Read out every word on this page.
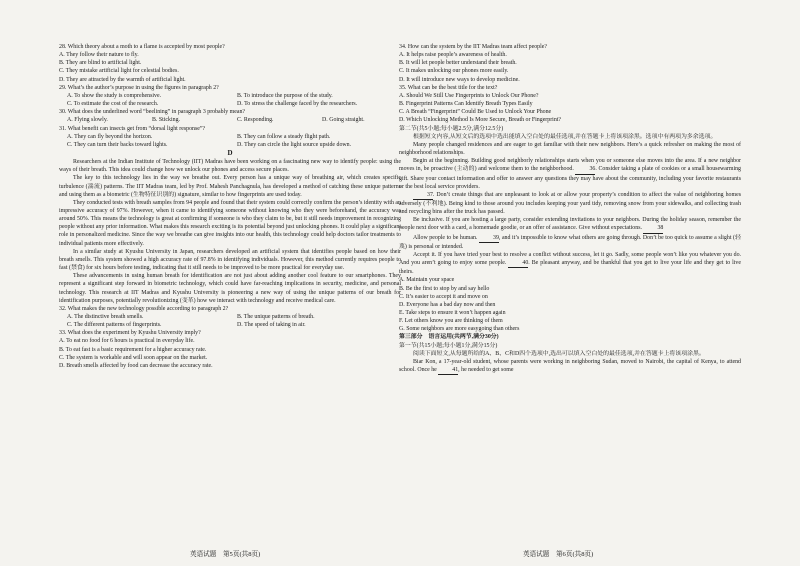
28. Which theory about a moth to a flame is accepted by most people?

A. They follow their nature to fly.

B. They are blind to artificial light.

C. They mistake artificial light for celestial bodies.

D. They are attracted by the warmth of artificial light.

29. What’s the author’s purpose in using the figures in paragraph 2?

A. To show the study is comprehensive.	B. To introduce the purpose of the study.
C. To estimate the cost of the research.	D. To stress the challenge faced by the researchers.

30. What does the underlined word “beelining” in paragraph 3 probably mean?

A. Flying slowly.	B. Sticking.	C. Responding.	D. Going straight.

31. What benefit can insects get from “dorsal light response”?

A. They can fly beyond the horizon.	B. They can follow a steady flight path.
C. They can turn their backs toward lights.	D. They can circle the light source upside down.

D

Researchers at the Indian Institute of Technology (IIT) Madras have been working on a fascinating new way to identify people: using the ways of their breath. This idea could change how we unlock our phones and access secure places.

The key to this technology lies in the way we breathe out. Every person has a unique way of breathing air, which creates specific turbulence (湍流) patterns. The IIT Madras team, led by Prof. Mahesh Panchagnula, has developed a method of catching these unique patterns and using them as a biometric (生物特征识别的) signature, similar to how fingerprints are used today.

They conducted tests with breath samples from 94 people and found that their system could correctly confirm the person’s identity with an impressive accuracy of 97%. However, when it came to identifying someone without knowing who they were beforehand, the accuracy was around 50%. This means the technology is great at confirming if someone is who they claim to be, but it still needs improvement in recognizing people without any prior information. What makes this research exciting is its potential beyond just unlocking phones. It could play a significant role in personalized medicine. Since the way we breathe can give insights into our health, this technology could help doctors tailor treatments to individual patients more effectively.

In a similar study at Kyushu University in Japan, researchers developed an artificial system that identifies people based on how their breath smells. This system showed a high accuracy rate of 97.8% in identifying individuals. However, this method currently requires people to fast (禁食) for six hours before testing, indicating that it still needs to be improved to be more practical for everyday use.

These advancements in using human breath for identification are not just about adding another cool feature to our smartphones. They represent a significant step forward in biometric technology, which could have far-reaching implications in security, medicine, and personal technology. This research at IIT Madras and Kyushu University is pioneering a new way of using the unique patterns of our breath for identification purposes, potentially revolutionizing (变革) how we interact with technology and receive medical care.

32. What makes the new technology possible according to paragraph 2?

A. The distinctive breath smells.	B. The unique patterns of breath.
C. The different patterns of fingerprints.	D. The speed of taking in air.

33. What does the experiment by Kyushu University imply?

A. To eat no food for 6 hours is practical in everyday life.

B. To eat fast is a basic requirement for a higher accuracy rate.

C. The system is workable and will soon appear on the market.

D. Breath smells affected by food can decrease the accuracy rate.

34. How can the system by the IIT Madras team affect people?

A. It helps raise people’s awareness of health.

B. It will let people better understand their breath.

C. It makes unlocking our phones more easily.

D. It will introduce new ways to develop medicine.

35. What can be the best title for the text?

A. Should We Still Use Fingerprints to Unlock Our Phone?

B. Fingerprint Patterns Can Identify Breath Types Easily

C. A Breath “Fingerprint” Could Be Used to Unlock Your Phone

D. Which Unlocking Method Is More Secure, Breath or Fingerprint?

第二节(共5小题;每小题2.5分,满分12.5分)

根据短文内容,从短文后的选项中选出能填入空白处的最佳选项,并在答题卡上将该项涂黑。选项中有两项为多余选项。

Many people changed residences and are eager to get familiar with their new neighbors. Here’s a quick refresher on making the most of neighborhood relationships.

Begin at the beginning. Building good neighborly relationships starts when you or someone else moves into the area. If a new neighbor moves in, be proactive (主动的) and welcome them to the neighborhood.	36. Consider taking a plate of cookies or a small housewarming gift. Share your contact information and offer to answer any questions they may have about the community, including your favorite restaurants or the best local service providers.

37. Don’t create things that are unpleasant to look at or allow your property’s condition to affect the value of neighboring homes adversely (不利地). Being kind to those around you includes keeping your yard tidy, removing snow from your sidewalks, and collecting trash and recycling bins after the truck has passed.

Be inclusive. If you are hosting a large party, consider extending invitations to your neighbors. During the holiday season, remember the people next door with a card, a homemade goodie, or an offer of assistance. Give without expectations.	38

Allow people to be human.	39, and it’s impossible to know what others are going through. Don’t be too quick to assume a slight (轻蔑) is personal or intended.

Accept it. If you have tried your best to resolve a conflict without success, let it go. Sadly, some people won’t like you whatever you do. And you aren’t going to enjoy some people.	40. Be pleasant anyway, and be thankful that you get to live your life and they get to live theirs.

A. Maintain your space

B. Be the first to stop by and say hello

C. It’s easier to accept it and move on

D. Everyone has a bad day now and then

E. Take steps to ensure it won’t happen again

F. Let others know you are thinking of them

G. Some neighbors are more easygoing than others

第三部分　语言运用(共两节,满分30分)

第一节(共15小题;每小题1分,满分15分)

阅读下面短文,从每题所给的A、B、C和D四个选项中,选出可以填入空白处的最佳选项,并在答题卡上将该项涂黑。

Biar Kon, a 17-year-old student, whose parents were working in neighboring Sudan, moved to Nairobi, the capital of Kenya, to attend school. Once he	41, he needed to get some

英语试题　第5页(共8页)	英语试题　第6页(共8页)
